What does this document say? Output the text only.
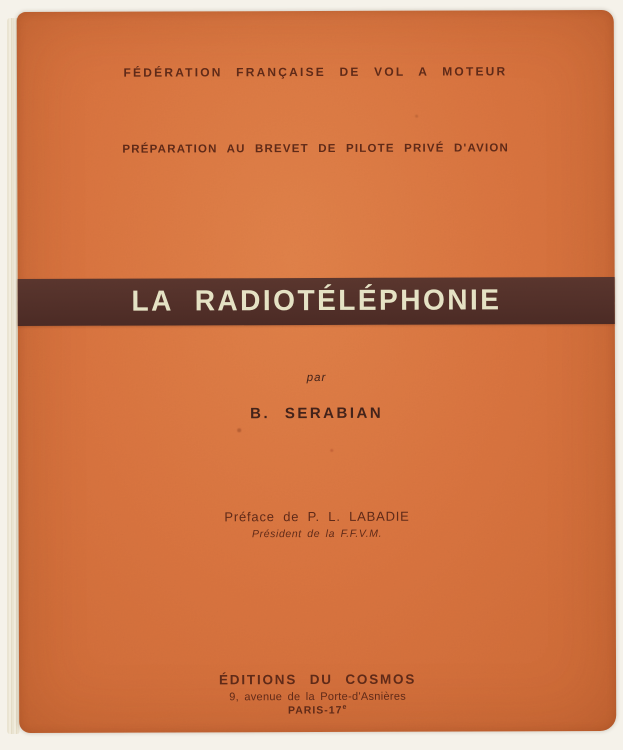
FÉDÉRATION FRANÇAISE DE VOL A MOTEUR
PRÉPARATION AU BREVET DE PILOTE PRIVÉ D'AVION
LA RADIOTÉLÉPHONIE
par
B. SERABIAN
Préface de P. L. LABADIE
Président de la F.F.V.M.
ÉDITIONS DU COSMOS
9, avenue de la Porte-d'Asnières
PARIS-17e
